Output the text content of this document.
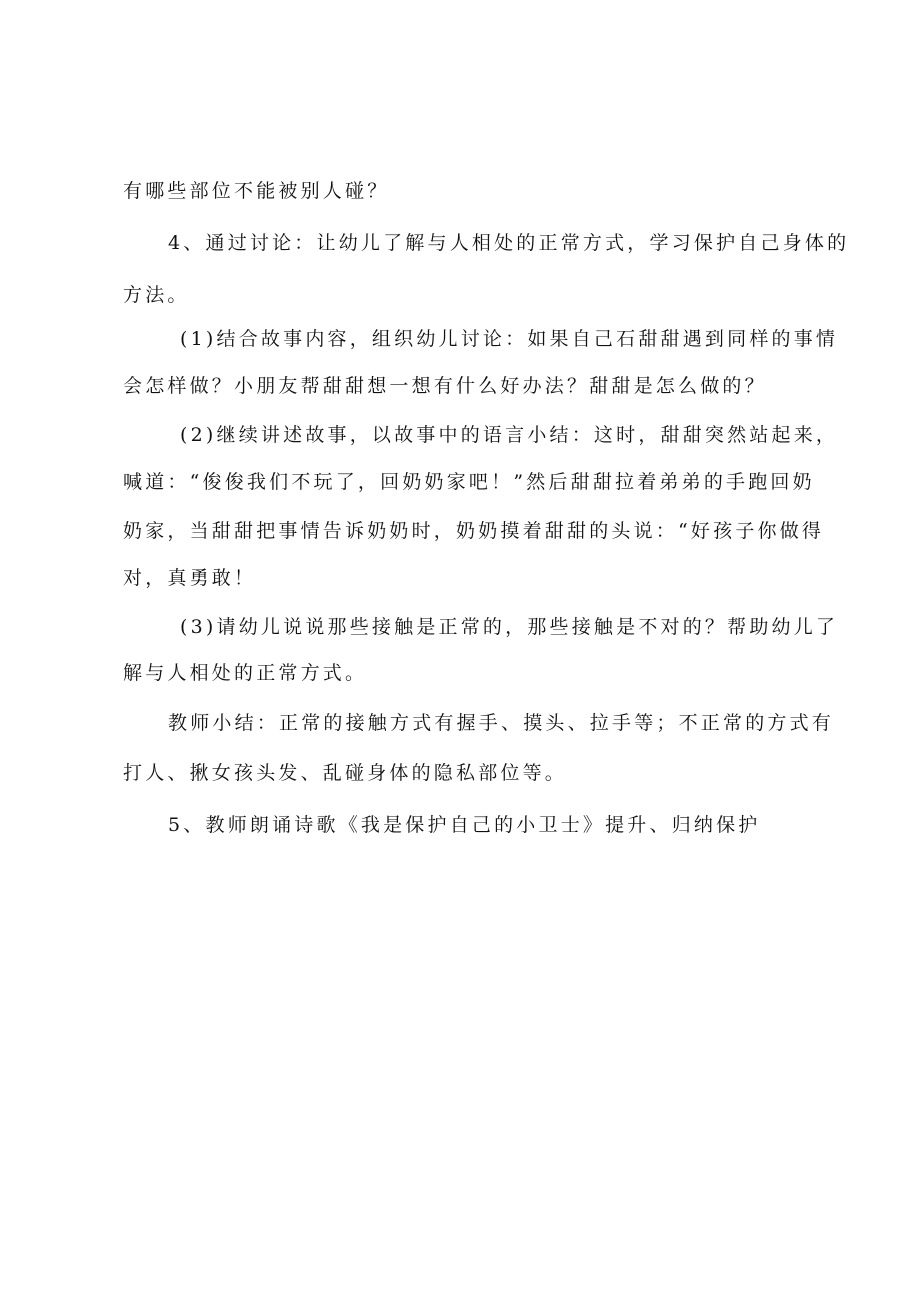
有哪些部位不能被别人碰？
4、通过讨论：让幼儿了解与人相处的正常方式，学习保护自己身体的
方法。
(1)结合故事内容，组织幼儿讨论：如果自己石甜甜遇到同样的事情
会怎样做？小朋友帮甜甜想一想有什么好办法？甜甜是怎么做的？
(2)继续讲述故事，以故事中的语言小结：这时，甜甜突然站起来，
喊道：“俊俊我们不玩了，回奶奶家吧！”然后甜甜拉着弟弟的手跑回奶
奶家，当甜甜把事情告诉奶奶时，奶奶摸着甜甜的头说：“好孩子你做得
对，真勇敢！
(3)请幼儿说说那些接触是正常的，那些接触是不对的？帮助幼儿了
解与人相处的正常方式。
教师小结：正常的接触方式有握手、摸头、拉手等；不正常的方式有
打人、揪女孩头发、乱碰身体的隐私部位等。
5、教师朗诵诗歌《我是保护自己的小卫士》提升、归纳保护
